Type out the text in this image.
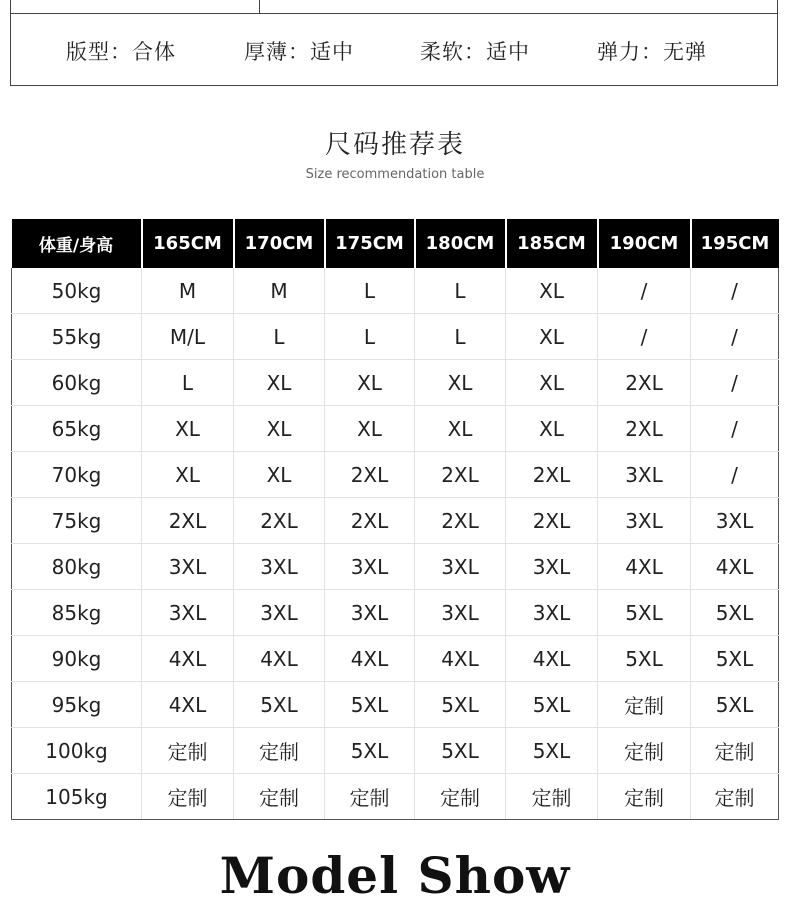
版型：合体	厚薄：适中	柔软：适中	弹力：无弹
尺码推荐表
Size recommendation table
体重/身高	165CM	170CM	175CM	180CM	185CM	190CM	195CM
50kg	M	M	L	L	XL	/	/
55kg	M/L	L	L	L	XL	/	/
60kg	L	XL	XL	XL	XL	2XL	/
65kg	XL	XL	XL	XL	XL	2XL	/
70kg	XL	XL	2XL	2XL	2XL	3XL	/
75kg	2XL	2XL	2XL	2XL	2XL	3XL	3XL
80kg	3XL	3XL	3XL	3XL	3XL	4XL	4XL
85kg	3XL	3XL	3XL	3XL	3XL	5XL	5XL
90kg	4XL	4XL	4XL	4XL	4XL	5XL	5XL
95kg	4XL	5XL	5XL	5XL	5XL	定制	5XL
100kg	定制	定制	5XL	5XL	5XL	定制	定制
105kg	定制	定制	定制	定制	定制	定制	定制
Model Show
